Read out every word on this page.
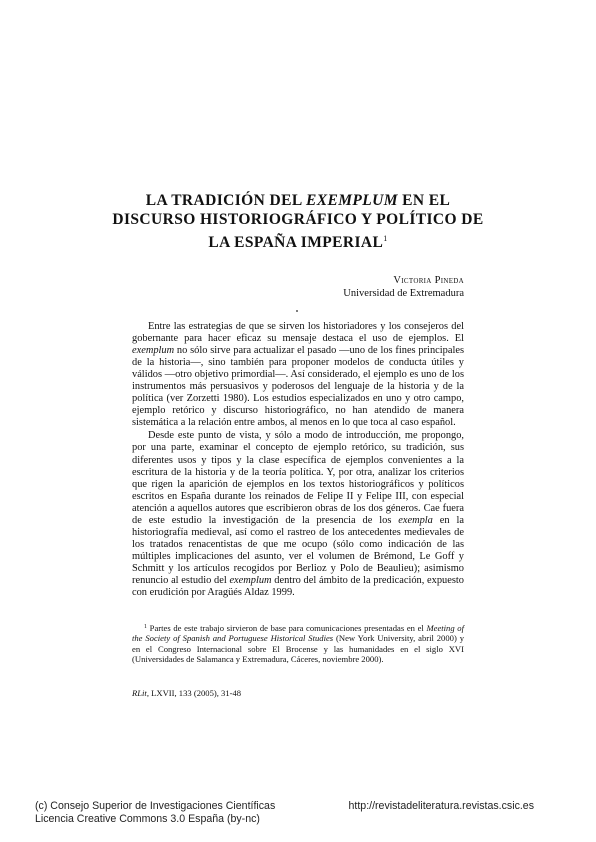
LA TRADICIÓN DEL EXEMPLUM EN EL
DISCURSO HISTORIOGRÁFICO Y POLÍTICO DE
LA ESPAÑA IMPERIAL$^1$
Victoria Pineda
Universidad de Extremadura

Entre las estrategias de que se sirven los historiadores y los consejeros del gobernante para hacer eficaz su mensaje destaca el uso de ejemplos. El exemplum no sólo sirve para actualizar el pasado —uno de los fines principales de la historia—, sino también para proponer modelos de conducta útiles y válidos —otro objetivo primordial—. Así considerado, el ejemplo es uno de los instrumentos más persuasivos y poderosos del lenguaje de la historia y de la política (ver Zorzetti 1980). Los estudios especializados en uno y otro campo, ejemplo retórico y discurso historiográfico, no han atendido de manera sistemática a la relación entre ambos, al menos en lo que toca al caso español.

Desde este punto de vista, y sólo a modo de introducción, me propongo, por una parte, examinar el concepto de ejemplo retórico, su tradición, sus diferentes usos y tipos y la clase específica de ejemplos convenientes a la escritura de la historia y de la teoría política. Y, por otra, analizar los criterios que rigen la aparición de ejemplos en los textos historiográficos y políticos escritos en España durante los reinados de Felipe II y Felipe III, con especial atención a aquellos autores que escribieron obras de los dos géneros. Cae fuera de este estudio la investigación de la presencia de los exempla en la historiografía medieval, así como el rastreo de los antecedentes medievales de los tratados renacentistas de que me ocupo (sólo como indicación de las múltiples implicaciones del asunto, ver el volumen de Brémond, Le Goff y Schmitt y los artículos recogidos por Berlioz y Polo de Beaulieu); asimismo renuncio al estudio del exemplum dentro del ámbito de la predicación, expuesto con erudición por Aragüés Aldaz 1999.

$^1$ Partes de este trabajo sirvieron de base para comunicaciones presentadas en el Meeting of the Society of Spanish and Portuguese Historical Studies (New York University, abril 2000) y en el Congreso Internacional sobre El Brocense y las humanidades en el siglo XVI (Universidades de Salamanca y Extremadura, Cáceres, noviembre 2000).

RLit, LXVII, 133 (2005), 31-48
(c) Consejo Superior de Investigaciones Científicas
Licencia Creative Commons 3.0 España (by-nc)
http://revistadeliteratura.revistas.csic.es
